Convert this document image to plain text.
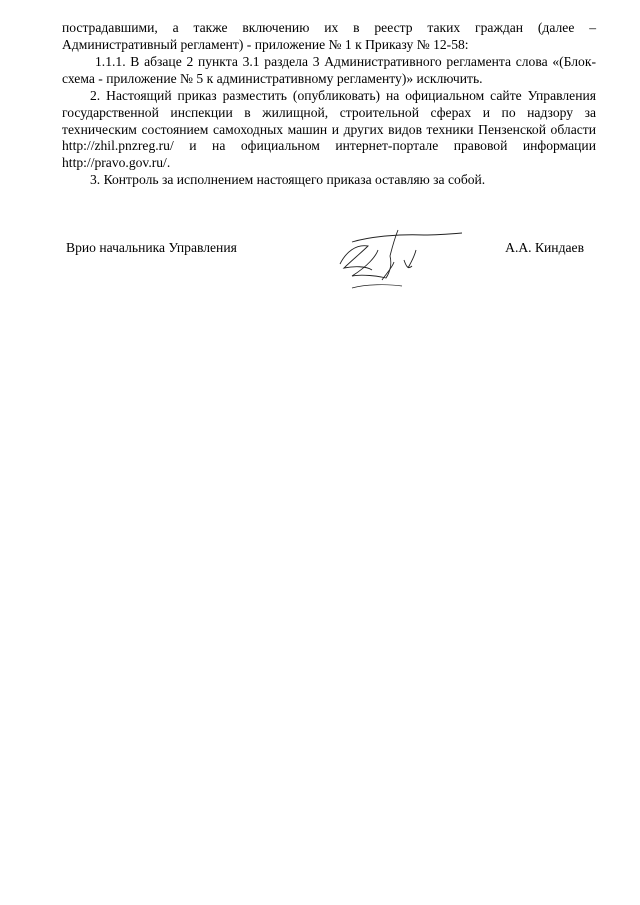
пострадавшими, а также включению их в реестр таких граждан (далее – Административный регламент) - приложение № 1 к Приказу № 12-58:

1.1.1. В абзаце 2 пункта 3.1 раздела 3 Административного регламента слова «(Блок-схема - приложение № 5 к административному регламенту)» исключить.

2. Настоящий приказ разместить (опубликовать) на официальном сайте Управления государственной инспекции в жилищной, строительной сферах и по надзору за техническим состоянием самоходных машин и других видов техники Пензенской области http://zhil.pnzreg.ru/ и на официальном интернет-портале правовой информации http://pravo.gov.ru/.

3. Контроль за исполнением настоящего приказа оставляю за собой.

Врио начальника Управления	А.А. Киндаев
